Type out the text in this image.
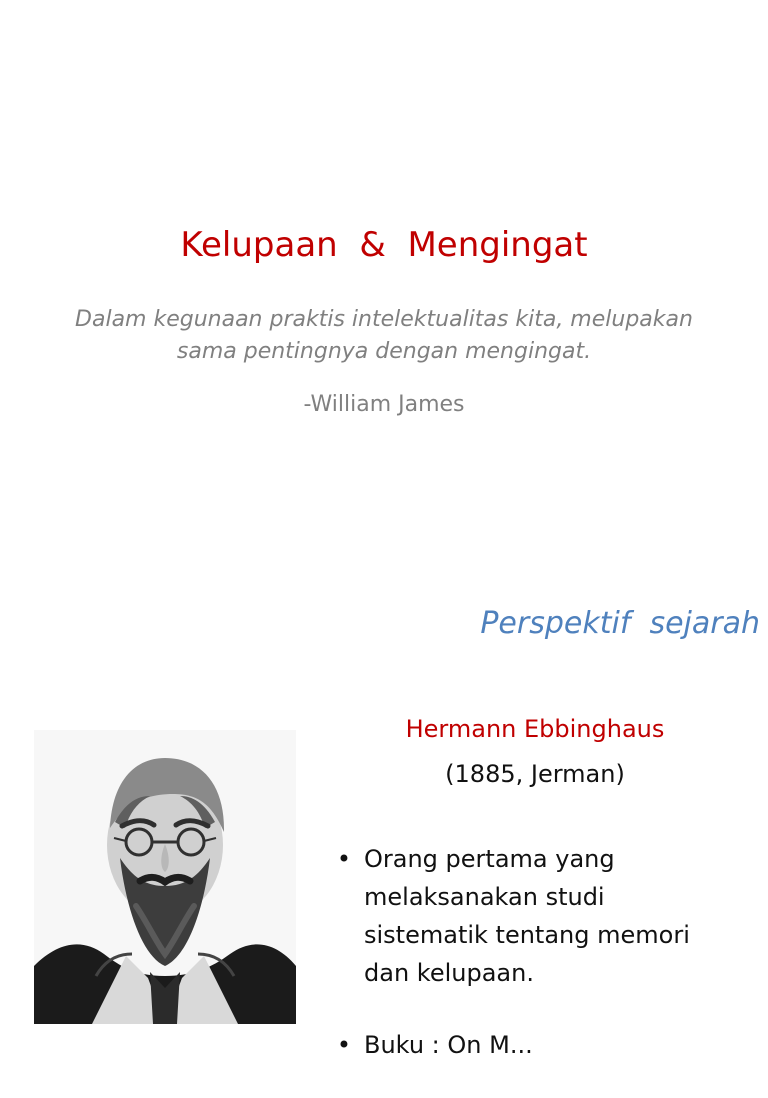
Kelupaan  &  Mengingat
Dalam kegunaan praktis intelektualitas kita, melupakan
sama pentingnya dengan mengingat.
-William James
Perspektif  sejarah
Hermann Ebbinghaus
(1885, Jerman)
• Orang pertama yang
melaksanakan studi
sistematik tentang memori
dan kelupaan.
• Buku : On M...
